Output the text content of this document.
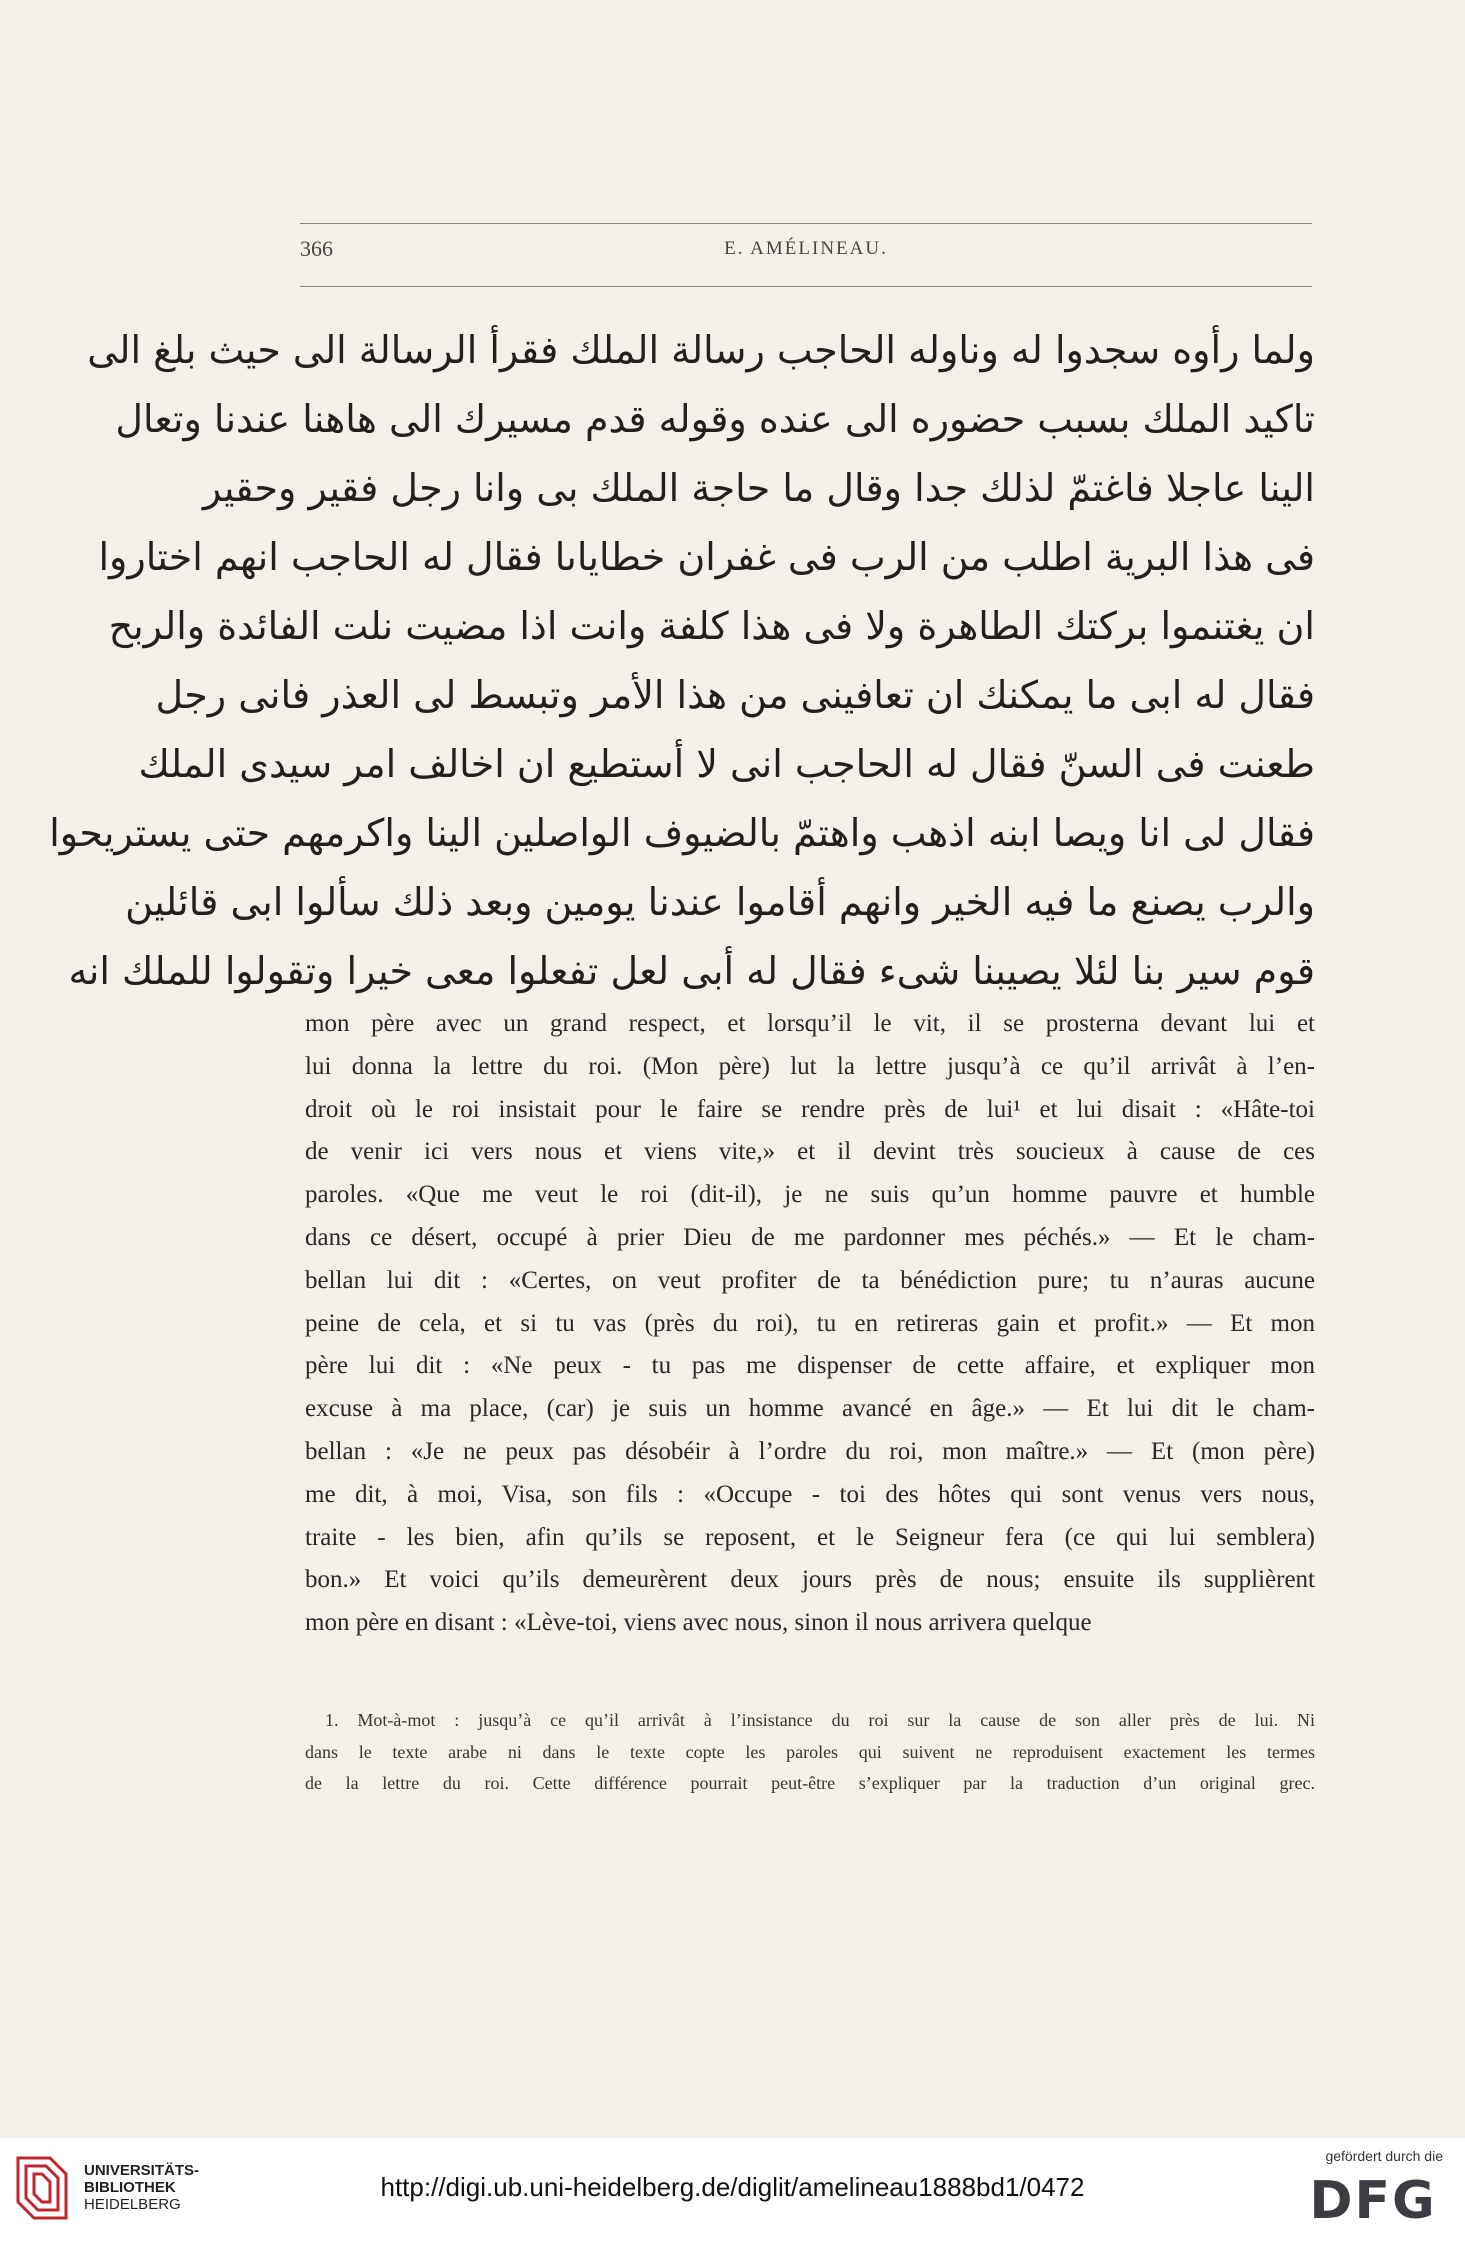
366	E. AMÉLINEAU.
ولما رأوه سجدوا له وناوله الحاجب رسالة الملك فقرأ الرسالة الى حيث بلغ الى
تاكيد الملك بسبب حضوره الى عنده وقوله قدم مسيرك الى هاهنا عندنا وتعال
الينا عاجلا فاغتمّ لذلك جدا وقال ما حاجة الملك بى وانا رجل فقير وحقير
فى هذا البرية اطلب من الرب فى غفران خطاياىا فقال له الحاجب انهم اختاروا
ان يغتنموا بركتك الطاهرة ولا فى هذا كلفة وانت اذا مضيت نلت الفائدة والربح
فقال له ابى ما يمكنك ان تعافينى من هذا الأمر وتبسط لى العذر فانى رجل
طعنت فى السنّ فقال له الحاجب انى لا أستطيع ان اخالف امر سيدى الملك
فقال لى انا ويصا ابنه اذهب واهتمّ بالضيوف الواصلين الينا واكرمهم حتى يستريحوا
والرب يصنع ما فيه الخير وانهم أقاموا عندنا يومين وبعد ذلك سألوا ابى قائلين
قوم سير بنا لئلا يصيبنا شىء فقال له أبى لعل تفعلوا معى خيرا وتقولوا للملك انه
mon père avec un grand respect, et lorsqu’il le vit, il se prosterna devant lui et
lui donna la lettre du roi. (Mon père) lut la lettre jusqu’à ce qu’il arrivât à l’en-
droit où le roi insistait pour le faire se rendre près de lui¹ et lui disait : «Hâte-toi
de venir ici vers nous et viens vite,» et il devint très soucieux à cause de ces
paroles. «Que me veut le roi (dit-il), je ne suis qu’un homme pauvre et humble
dans ce désert, occupé à prier Dieu de me pardonner mes péchés.» — Et le cham-
bellan lui dit : «Certes, on veut profiter de ta bénédiction pure; tu n’auras aucune
peine de cela, et si tu vas (près du roi), tu en retireras gain et profit.» — Et mon
père lui dit : «Ne peux - tu pas me dispenser de cette affaire, et expliquer mon
excuse à ma place, (car) je suis un homme avancé en âge.» — Et lui dit le cham-
bellan : «Je ne peux pas désobéir à l’ordre du roi, mon maître.» — Et (mon père)
me dit, à moi, Visa, son fils : «Occupe - toi des hôtes qui sont venus vers nous,
traite - les bien, afin qu’ils se reposent, et le Seigneur fera (ce qui lui semblera)
bon.» Et voici qu’ils demeurèrent deux jours près de nous; ensuite ils supplièrent
mon père en disant : «Lève-toi, viens avec nous, sinon il nous arrivera quelque
1. Mot-à-mot : jusqu’à ce qu’il arrivât à l’insistance du roi sur la cause de son aller près de lui. Ni
dans le texte arabe ni dans le texte copte les paroles qui suivent ne reproduisent exactement les termes
de la lettre du roi. Cette différence pourrait peut-être s’expliquer par la traduction d’un original grec.
UNIVERSITÄTS-
BIBLIOTHEK
HEIDELBERG
http://digi.ub.uni-heidelberg.de/diglit/amelineau1888bd1/0472
gefördert durch die
DFG
